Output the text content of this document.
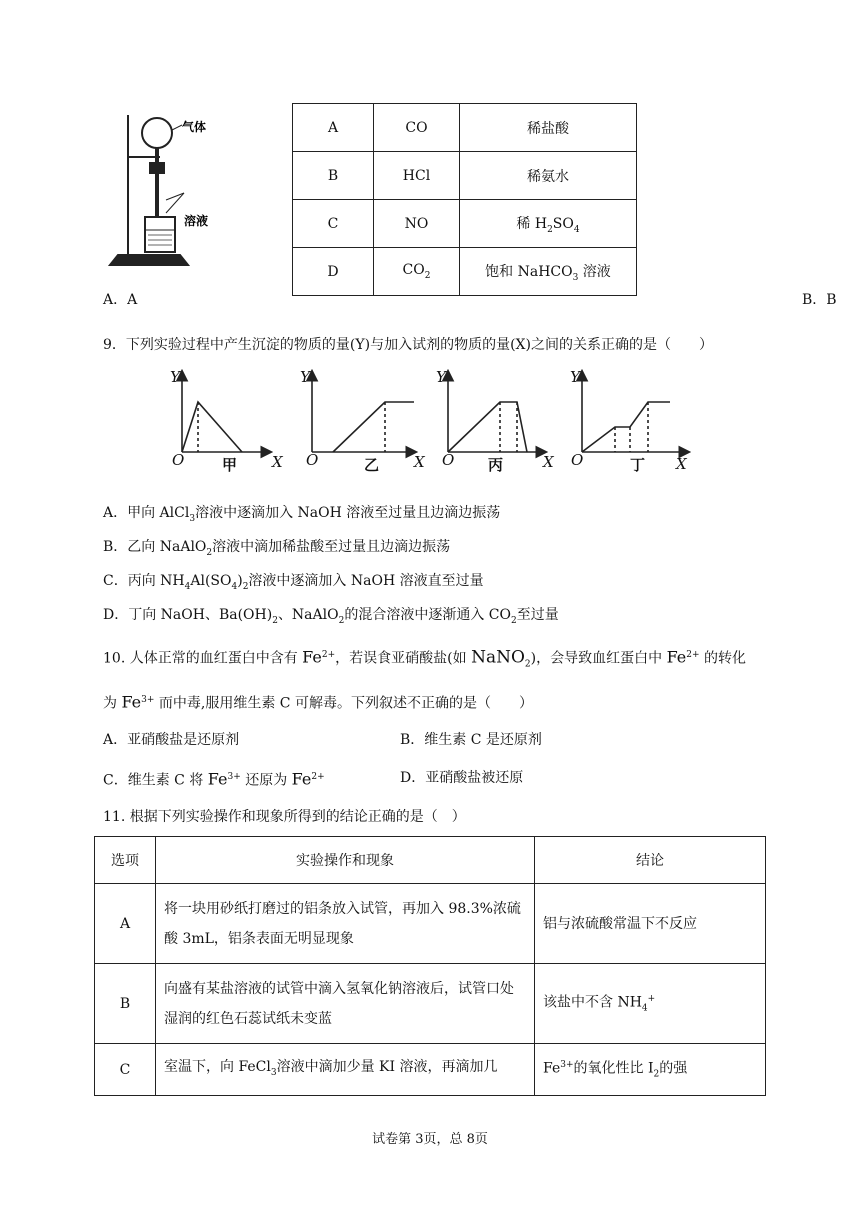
气体
溶液
A	CO	稀盐酸
B	HCl	稀氨水
C	NO	稀 $H_2SO_4$
D	$CO_2$	饱和 NaHCO$_3$ 溶液
A．A	B．B
9．下列实验过程中产生沉淀的物质的量(Y)与加入试剂的物质的量(X)之间的关系正确的是（　　）
Y
O	X
Y
O	X
Y
O	X
Y
O	X
甲	乙	丙	丁
A．甲向 AlCl$_3$溶液中逐滴加入 NaOH 溶液至过量且边滴边振荡
B．乙向 NaAlO$_2$溶液中滴加稀盐酸至过量且边滴边振荡
C．丙向 $NH_4Al(SO_4)_2$溶液中逐滴加入 NaOH 溶液直至过量
D．丁向 NaOH、$Ba(OH)_2$、NaAlO$_2$的混合溶液中逐渐通入 $CO_2$至过量
10. 人体正常的血红蛋白中含有 $Fe^{2+}$，若误食亚硝酸盐(如 NaNO$_2$)，会导致血红蛋白中 $Fe^{2+}$ 的转化
为 $Fe^{3+}$ 而中毒,服用维生素 C 可解毒。下列叙述不正确的是（　　）
A．亚硝酸盐是还原剂	B．维生素 C 是还原剂
C．维生素 C 将 $Fe^{3+}$ 还原为 $Fe^{2+}$	D．亚硝酸盐被还原
11. 根据下列实验操作和现象所得到的结论正确的是（　）
选项	实验操作和现象	结论
A	将一块用砂纸打磨过的铝条放入试管，再加入 98.3%浓硫酸 3mL，铝条表面无明显现象	铝与浓硫酸常温下不反应
B	向盛有某盐溶液的试管中滴入氢氧化钠溶液后，试管口处湿润的红色石蕊试纸未变蓝	该盐中不含 $NH_4^+$
C	室温下，向 FeCl$_3$溶液中滴加少量 KI 溶液，再滴加几	$Fe^{3+}$的氧化性比 $I_2$的强
试卷第 3页，总 8页
